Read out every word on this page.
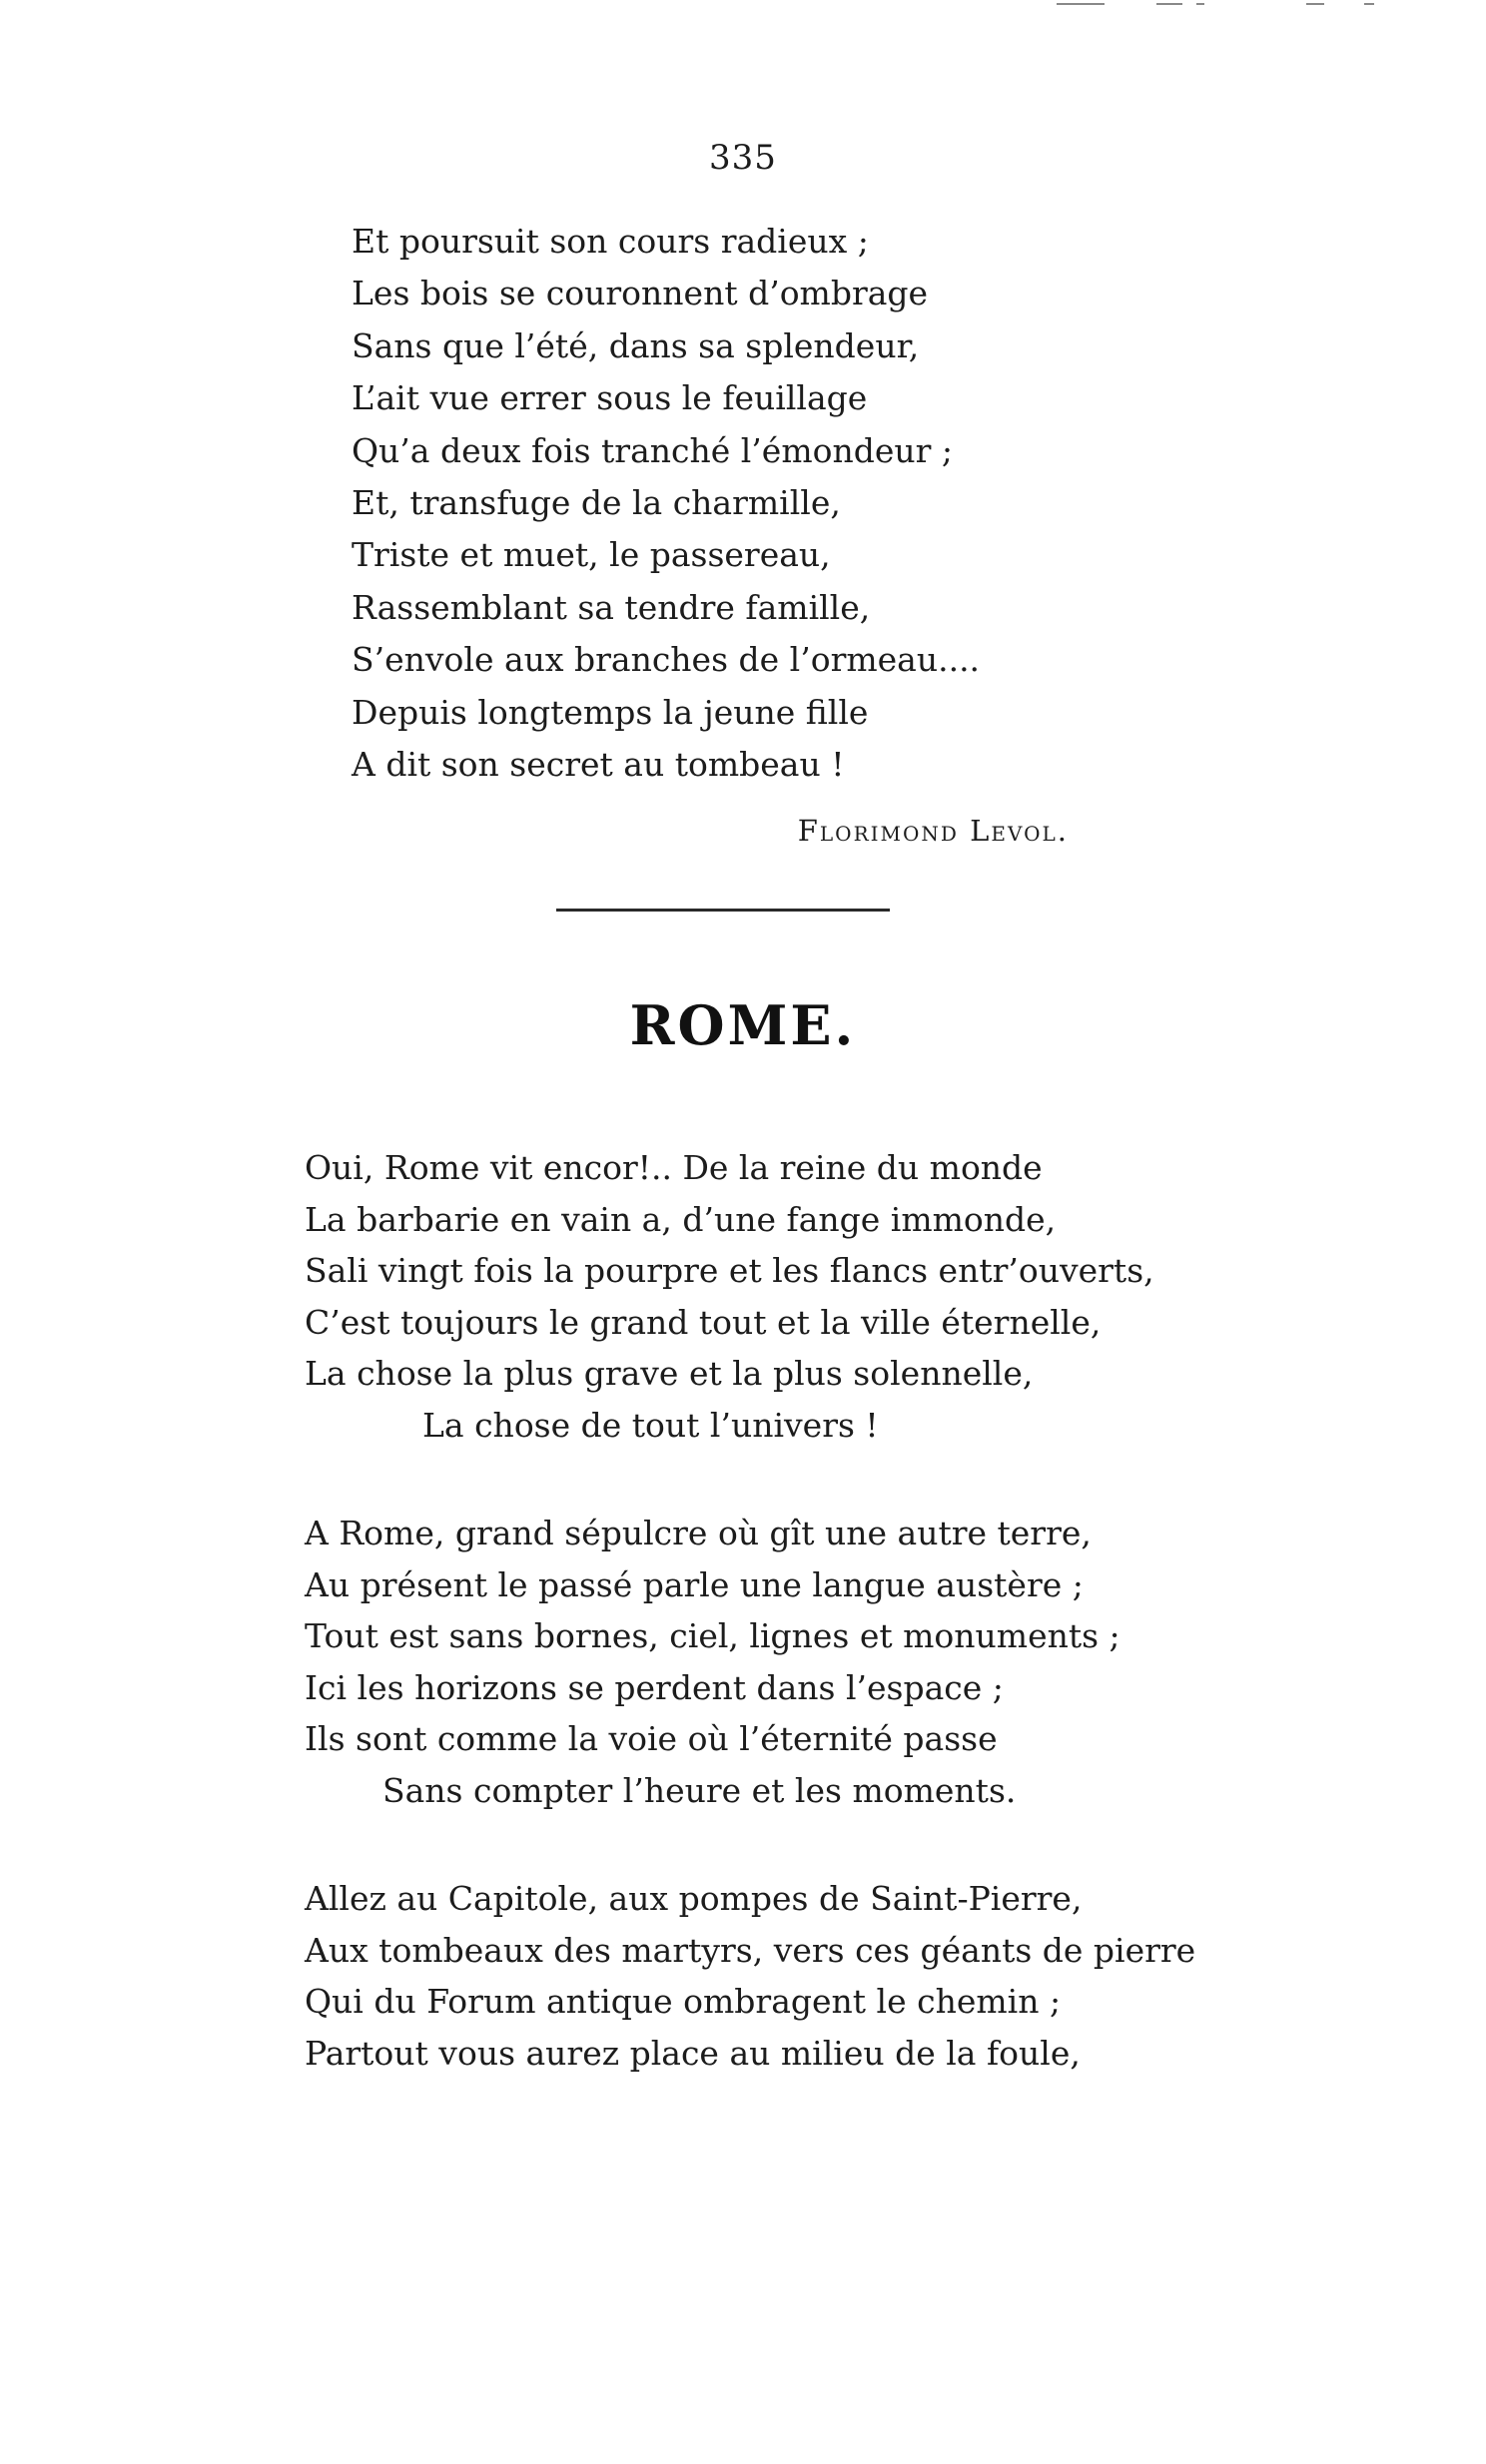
335
Et poursuit son cours radieux ;
Les bois se couronnent d’ombrage
Sans que l’été, dans sa splendeur,
L’ait vue errer sous le feuillage
Qu’a deux fois tranché l’émondeur ;
Et, transfuge de la charmille,
Triste et muet, le passereau,
Rassemblant sa tendre famille,
S’envole aux branches de l’ormeau....
Depuis longtemps la jeune fille
A dit son secret au tombeau !
Florimond Levol.
ROME.
Oui, Rome vit encor!.. De la reine du monde
La barbarie en vain a, d’une fange immonde,
Sali vingt fois la pourpre et les flancs entr’ouverts,
C’est toujours le grand tout et la ville éternelle,
La chose la plus grave et la plus solennelle,
La chose de tout l’univers !
A Rome, grand sépulcre où gît une autre terre,
Au présent le passé parle une langue austère ;
Tout est sans bornes, ciel, lignes et monuments ;
Ici les horizons se perdent dans l’espace ;
Ils sont comme la voie où l’éternité passe
Sans compter l’heure et les moments.
Allez au Capitole, aux pompes de Saint-Pierre,
Aux tombeaux des martyrs, vers ces géants de pierre
Qui du Forum antique ombragent le chemin ;
Partout vous aurez place au milieu de la foule,
